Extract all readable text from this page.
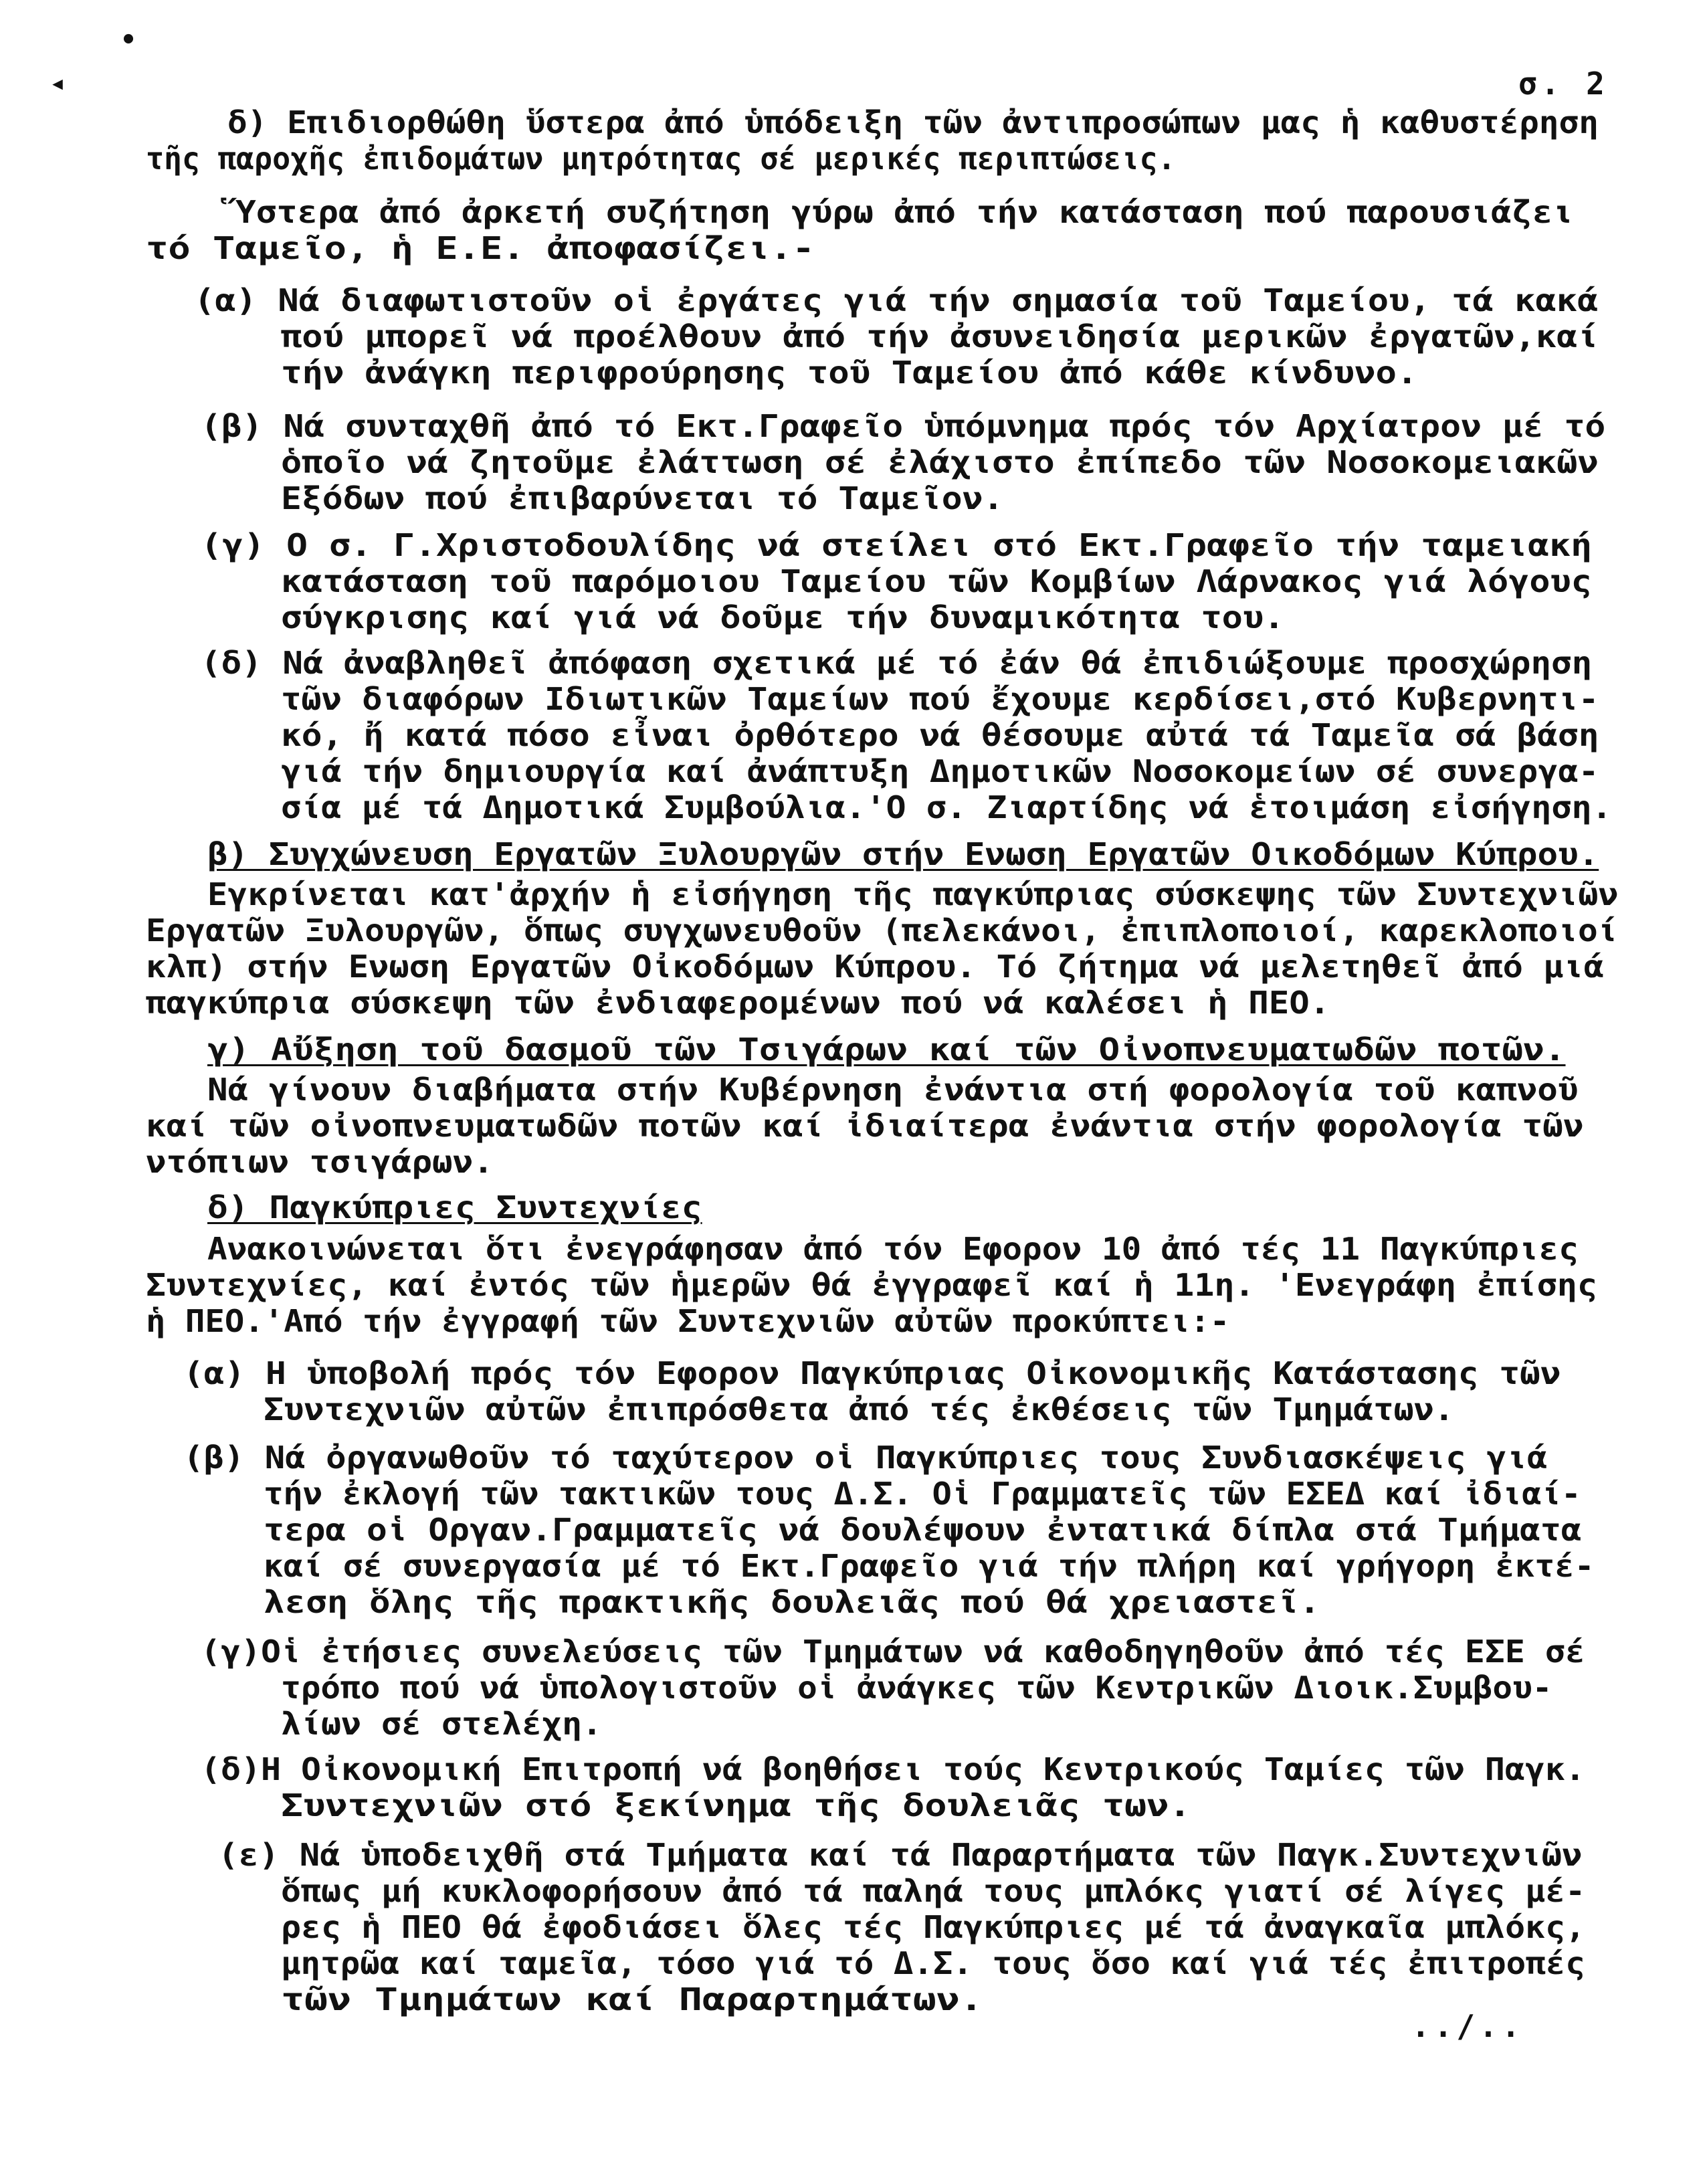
•
◂	σ. 2
δ) Επιδιορθώθη ὕστερα ἀπό ὑπόδειξη τῶν ἀντιπροσώπων μας ἡ καθυστέρηση
τῆς παροχῆς ἐπιδομάτων μητρότητας σέ μερικές περιπτώσεις.
Ὕστερα ἀπό ἀρκετή συζήτηση γύρω ἀπό τήν κατάσταση πού παρουσιάζει
τό Ταμεῖο, ἡ Ε.Ε. ἀποφασίζει.-
(α) Νά διαφωτιστοῦν οἱ ἐργάτες γιά τήν σημασία τοῦ Ταμείου, τά κακά
πού μπορεῖ νά προέλθουν ἀπό τήν ἀσυνειδησία μερικῶν ἐργατῶν,καί
τήν ἀνάγκη περιφρούρησης τοῦ Ταμείου ἀπό κάθε κίνδυνο.
(β) Νά συνταχθῆ ἀπό τό Εκτ.Γραφεῖο ὑπόμνημα πρός τόν Αρχίατρον μέ τό
ὁποῖο νά ζητοῦμε ἐλάττωση σέ ἐλάχιστο ἐπίπεδο τῶν Νοσοκομειακῶν
Εξόδων πού ἐπιβαρύνεται τό Ταμεῖον.
(γ) Ο σ. Γ.Χριστοδουλίδης νά στείλει στό Εκτ.Γραφεῖο τήν ταμειακή
κατάσταση τοῦ παρόμοιου Ταμείου τῶν Κομβίων Λάρνακος γιά λόγους
σύγκρισης καί γιά νά δοῦμε τήν δυναμικότητα του.
(δ) Νά ἀναβληθεῖ ἀπόφαση σχετικά μέ τό ἐάν θά ἐπιδιώξουμε προσχώρηση
τῶν διαφόρων Ιδιωτικῶν Ταμείων πού ἔχουμε κερδίσει,στό Κυβερνητι-
κό, ἤ κατά πόσο εἶναι ὀρθότερο νά θέσουμε αὐτά τά Ταμεῖα σά βάση
γιά τήν δημιουργία καί ἀνάπτυξη Δημοτικῶν Νοσοκομείων σέ συνεργα-
σία μέ τά Δημοτικά Συμβούλια.'Ο σ. Ζιαρτίδης νά ἑτοιμάση εἰσήγηση.
β) Συγχώνευση Εργατῶν Ξυλουργῶν στήν Ενωση Εργατῶν Οικοδόμων Κύπρου.
Εγκρίνεται κατ'ἀρχήν ἡ εἰσήγηση τῆς παγκύπριας σύσκεψης τῶν Συντεχνιῶν
Εργατῶν Ξυλουργῶν, ὅπως συγχωνευθοῦν (πελεκάνοι, ἐπιπλοποιοί, καρεκλοποιοί
κλπ) στήν Ενωση Εργατῶν Οἰκοδόμων Κύπρου. Τό ζήτημα νά μελετηθεῖ ἀπό μιά
παγκύπρια σύσκεψη τῶν ἐνδιαφερομένων πού νά καλέσει ἡ ΠΕΟ.
γ) Αὔξηση τοῦ δασμοῦ τῶν Τσιγάρων καί τῶν Οἰνοπνευματωδῶν ποτῶν.
Νά γίνουν διαβήματα στήν Κυβέρνηση ἐνάντια στή φορολογία τοῦ καπνοῦ
καί τῶν οἰνοπνευματωδῶν ποτῶν καί ἰδιαίτερα ἐνάντια στήν φορολογία τῶν
ντόπιων τσιγάρων.
δ) Παγκύπριες Συντεχνίες
Ανακοινώνεται ὅτι ἐνεγράφησαν ἀπό τόν Εφορον 10 ἀπό τές 11 Παγκύπριες
Συντεχνίες, καί ἐντός τῶν ἡμερῶν θά ἐγγραφεῖ καί ἡ 11η. 'Ενεγράφη ἐπίσης
ἡ ΠΕΟ.'Από τήν ἐγγραφή τῶν Συντεχνιῶν αὐτῶν προκύπτει:-
(α) Η ὑποβολή πρός τόν Εφορον Παγκύπριας Οἰκονομικῆς Κατάστασης τῶν
Συντεχνιῶν αὐτῶν ἐπιπρόσθετα ἀπό τές ἐκθέσεις τῶν Τμημάτων.
(β) Νά ὀργανωθοῦν τό ταχύτερον οἱ Παγκύπριες τους Συνδιασκέψεις γιά
τήν ἐκλογή τῶν τακτικῶν τους Δ.Σ. Οἱ Γραμματεῖς τῶν ΕΣΕΔ καί ἰδιαί-
τερα οἱ Οργαν.Γραμματεῖς νά δουλέψουν ἐντατικά δίπλα στά Τμήματα
καί σέ συνεργασία μέ τό Εκτ.Γραφεῖο γιά τήν πλήρη καί γρήγορη ἐκτέ-
λεση ὅλης τῆς πρακτικῆς δουλειᾶς πού θά χρειαστεῖ.
(γ)Οἱ ἐτήσιες συνελεύσεις τῶν Τμημάτων νά καθοδηγηθοῦν ἀπό τές ΕΣΕ σέ
τρόπο πού νά ὑπολογιστοῦν οἱ ἀνάγκες τῶν Κεντρικῶν Διοικ.Συμβου-
λίων σέ στελέχη.
(δ)Η Οἰκονομική Επιτροπή νά βοηθήσει τούς Κεντρικούς Ταμίες τῶν Παγκ.
Συντεχνιῶν στό ξεκίνημα τῆς δουλειᾶς των.
(ε) Νά ὑποδειχθῆ στά Τμήματα καί τά Παραρτήματα τῶν Παγκ.Συντεχνιῶν
ὅπως μή κυκλοφορήσουν ἀπό τά παληά τους μπλόκς γιατί σέ λίγες μέ-
ρες ἡ ΠΕΟ θά ἐφοδιάσει ὅλες τές Παγκύπριες μέ τά ἀναγκαῖα μπλόκς,
μητρῶα καί ταμεῖα, τόσο γιά τό Δ.Σ. τους ὅσο καί γιά τές ἐπιτροπές
τῶν Τμημάτων καί Παραρτημάτων.
../..
